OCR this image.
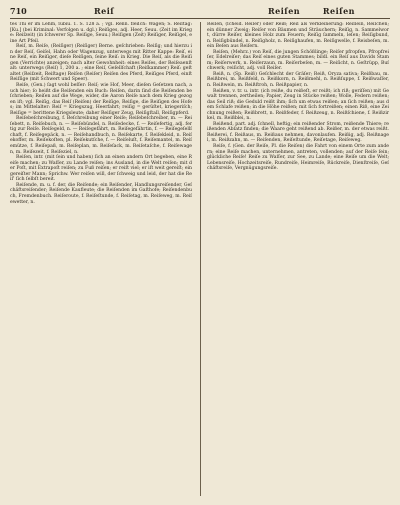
710	Reiſ	Reiſen	Reiſen

tes Thi er im Lehm, ſubiu. 1. S. 128 a. ; vgl. Renn. fleiſch: Wagen; S. Reiſtag: [Ku.] (bei Kriminal: Verfolgen u. dgl.) Reiſiges, adj. Heer, Seuu. (Zeit im Kriege: Reiſzeit) (in ſchwerer Sp. Reiſige, Seuu.) Reiſigen (Zeit) Reiſiger, Reiſigel, eine Art Pfeil.

Reiſ, m. Reiſe, (Reiſiger) (Reiſiger) Berne. geſchrieben: Reiſig; und hierzu in der Reiſ, Geiſel, Hahn oder Wagenzug, unterwegs mit Ritter Kappe: Reiſ, eine Reiſ, ein Reiſiger, dieſe Reiſigen, ſeine Reiſ: in Krieg. Die Reiſ, als die Reiſigen (Verrichte) anzeigen; nach alter Gewohnheit: eines Reiſes, der Reiſeaenſtalt: unterwegs (Reiſ) 1, 200 a. ; eine Reiſ, Geſellſchaft (Reiſkammer) Reiſ: geſtaltet (Reiſzeit, Reiſtage) Reiſen (Reiſer) Reiſen des Pferd, Reiſiges Pferd, einſt Reiſſige (mit Schwert und Speer).

Reiſe, (Gen.) ſagt wohl beſſer: Reiſ; wie Hof, Meer, dieſen Geſetzen nach, auch hier; ſo heißt die Reiſenden ein Buch: Reiſen, darin ſind die Reiſenden beſchrieben; Reiſen auf die Wege, wider, die Aaron Reiſe nach dem Krieg gezogen iſt; vgl. Reiſig, das Reiſ (Reiſen) der Reiſige, Reiſige, die Reiſigen des Hofes; im Mittelalter: Reiſ = Kriegszug, Heerfahrt; reiſig = gerüſtet, kriegeriſch; Reiſige = berittene Kriegsleute; daher Reiſiger Zeug, Reiſigſtall, Reiſigpferd.

Reiſebeſchreibung, f. Beſchreibung einer Reiſe; Reiſebeſchreiber, m. — Reiſebett, n. Reiſebuch, n. — Reiſebündel, n. Reiſedecke, f. — Reiſefertig, adj. fertig zur Reiſe. Reiſegeld, n. — Reiſegefährt, m. Reiſegefährtin, f. — Reiſegeſellſchaft, f. Reiſegepäck, n. — Reiſehandbuch, n. Reiſekarte, f. Reiſekleid, n. Reiſekoffer, m. Reiſekoſten, pl. Reiſekutſche, f. — Reiſeluſt, f. Reiſemantel, m. Reiſemütze, f. Reiſepaß, m. Reiſeplan, m. Reiſeſack, m. Reiſetaſche, f. Reiſewagen, m. Reiſezeit, f. Reiſeziel, n.

Reiſen, intr. (mit ſein und haben) ſich an einen andern Ort begeben, eine Reiſe machen; zu Waſſer, zu Lande reiſen; ins Ausland, in die Welt reiſen; mit der Poſt, mit Extrapoſt reiſen; zu Fuß reiſen; er reiſt viel; er iſt weit gereiſt; ein gereiſter Mann; Sprichw. Wer reiſen will, der ſchweig und leid, der hat die Reiſ' ſich ſelbſt bereit.

Reiſende, m. u. f. der, die Reiſende; ein Reiſender, Handlungsreiſender, Geſchäftsreiſender; Reiſende Kaufleute; die Reiſenden im Gaſthofe; Reiſendenbuch, Fremdenbuch. Reiſeroute, f. Reiſeſtunde, f. Reiſetag, m. Reiſeweg, m. Reiſewetter, n.

Reiſen, (ſcheid. Reiſer) oder Reiß; Reiſ als Verkleinerung: Reiſlein, Reiſchen; ein dünner Zweig; Reiſer von Bäumen und Sträuchern; Reiſig, n. Sammelwort, dürre Reiſer, kleines Holz zum Feuern; Reiſig ſammeln, leſen; Reiſigbund, n. Reiſigbündel, n. Reiſigholz, n. Reiſighaufen, m. Reiſigwelle, f. Reisbeſen, m. ein Beſen aus Reiſern.

Reiſen, (Mehrz.) von Reiſ, die jungen Schößlinge; Reiſer pfropfen, Pfropfreiſer, Edelreiſer; das Reiſ eines guten Stammes; bildl. ein Reiſ aus Davids Stamm; Reiſerwerk, n. Reiſerzaun, m. Reiſerbeſen, m. — Reiſicht, n. Geſtrüpp, Buſchwerk; reiſicht, adj. voll Reiſer.

Reiß, n. (Sp. Reiß) Geſchlecht der Gräſer; Reiß, Oryza sativa; Reißbau, m. Reißbrei, m. Reißfeld, n. Reißkorn, n. Reißmehl, n. Reißſuppe, f. Reißwaſſer, n. Reißwein, m. Reißſtroh, n. Reißpapier, n.

Reißen, v. tr. u. intr. (ich reiße, du reißeſt, er reißt; ich riß; geriſſen) mit Gewalt trennen, zertheilen; Papier, Zeug in Stücke reißen; Wolle, Federn reißen; das Seil riß; die Geduld reißt ihm; ſich um etwas reißen; an ſich reißen; aus dem Schlafe reißen; in die Höhe reißen; mit ſich fortreißen; einen Riß, eine Zeichnung reißen; Reißbrett, n. Reißfeder, f. Reißzeug, n. Reißſchiene, f. Reißzirkel, m. Reißblei, n.

Reißend, part. adj. ſchnell, heftig; ein reißender Strom, reißende Thiere; reißenden Abſatz finden; die Waare geht reißend ab. Reißer, m. der etwas reißt. Reißerei, f. Reißaus, m. Reißaus nehmen, davonlaufen. Reißig, adj. Reißnagel, m. Reißzahn, m. — Reiſenden, Reiſeſtunde, Reiſetage, Reiſeweg.

Reiſe, f. (Gen. der Reiſe, Pl. die Reiſen) die Fahrt von einem Orte zum andern; eine Reiſe machen, unternehmen, antreten, vollenden; auf der Reiſe ſein; glückliche Reiſe! Reiſe zu Waſſer, zur See, zu Lande; eine Reiſe um die Welt; Lebensreiſe, Hochzeitsreiſe, Rundreiſe, Heimreiſe, Rückreiſe, Dienſtreiſe, Geſchäftsreiſe, Vergnügungsreiſe.
